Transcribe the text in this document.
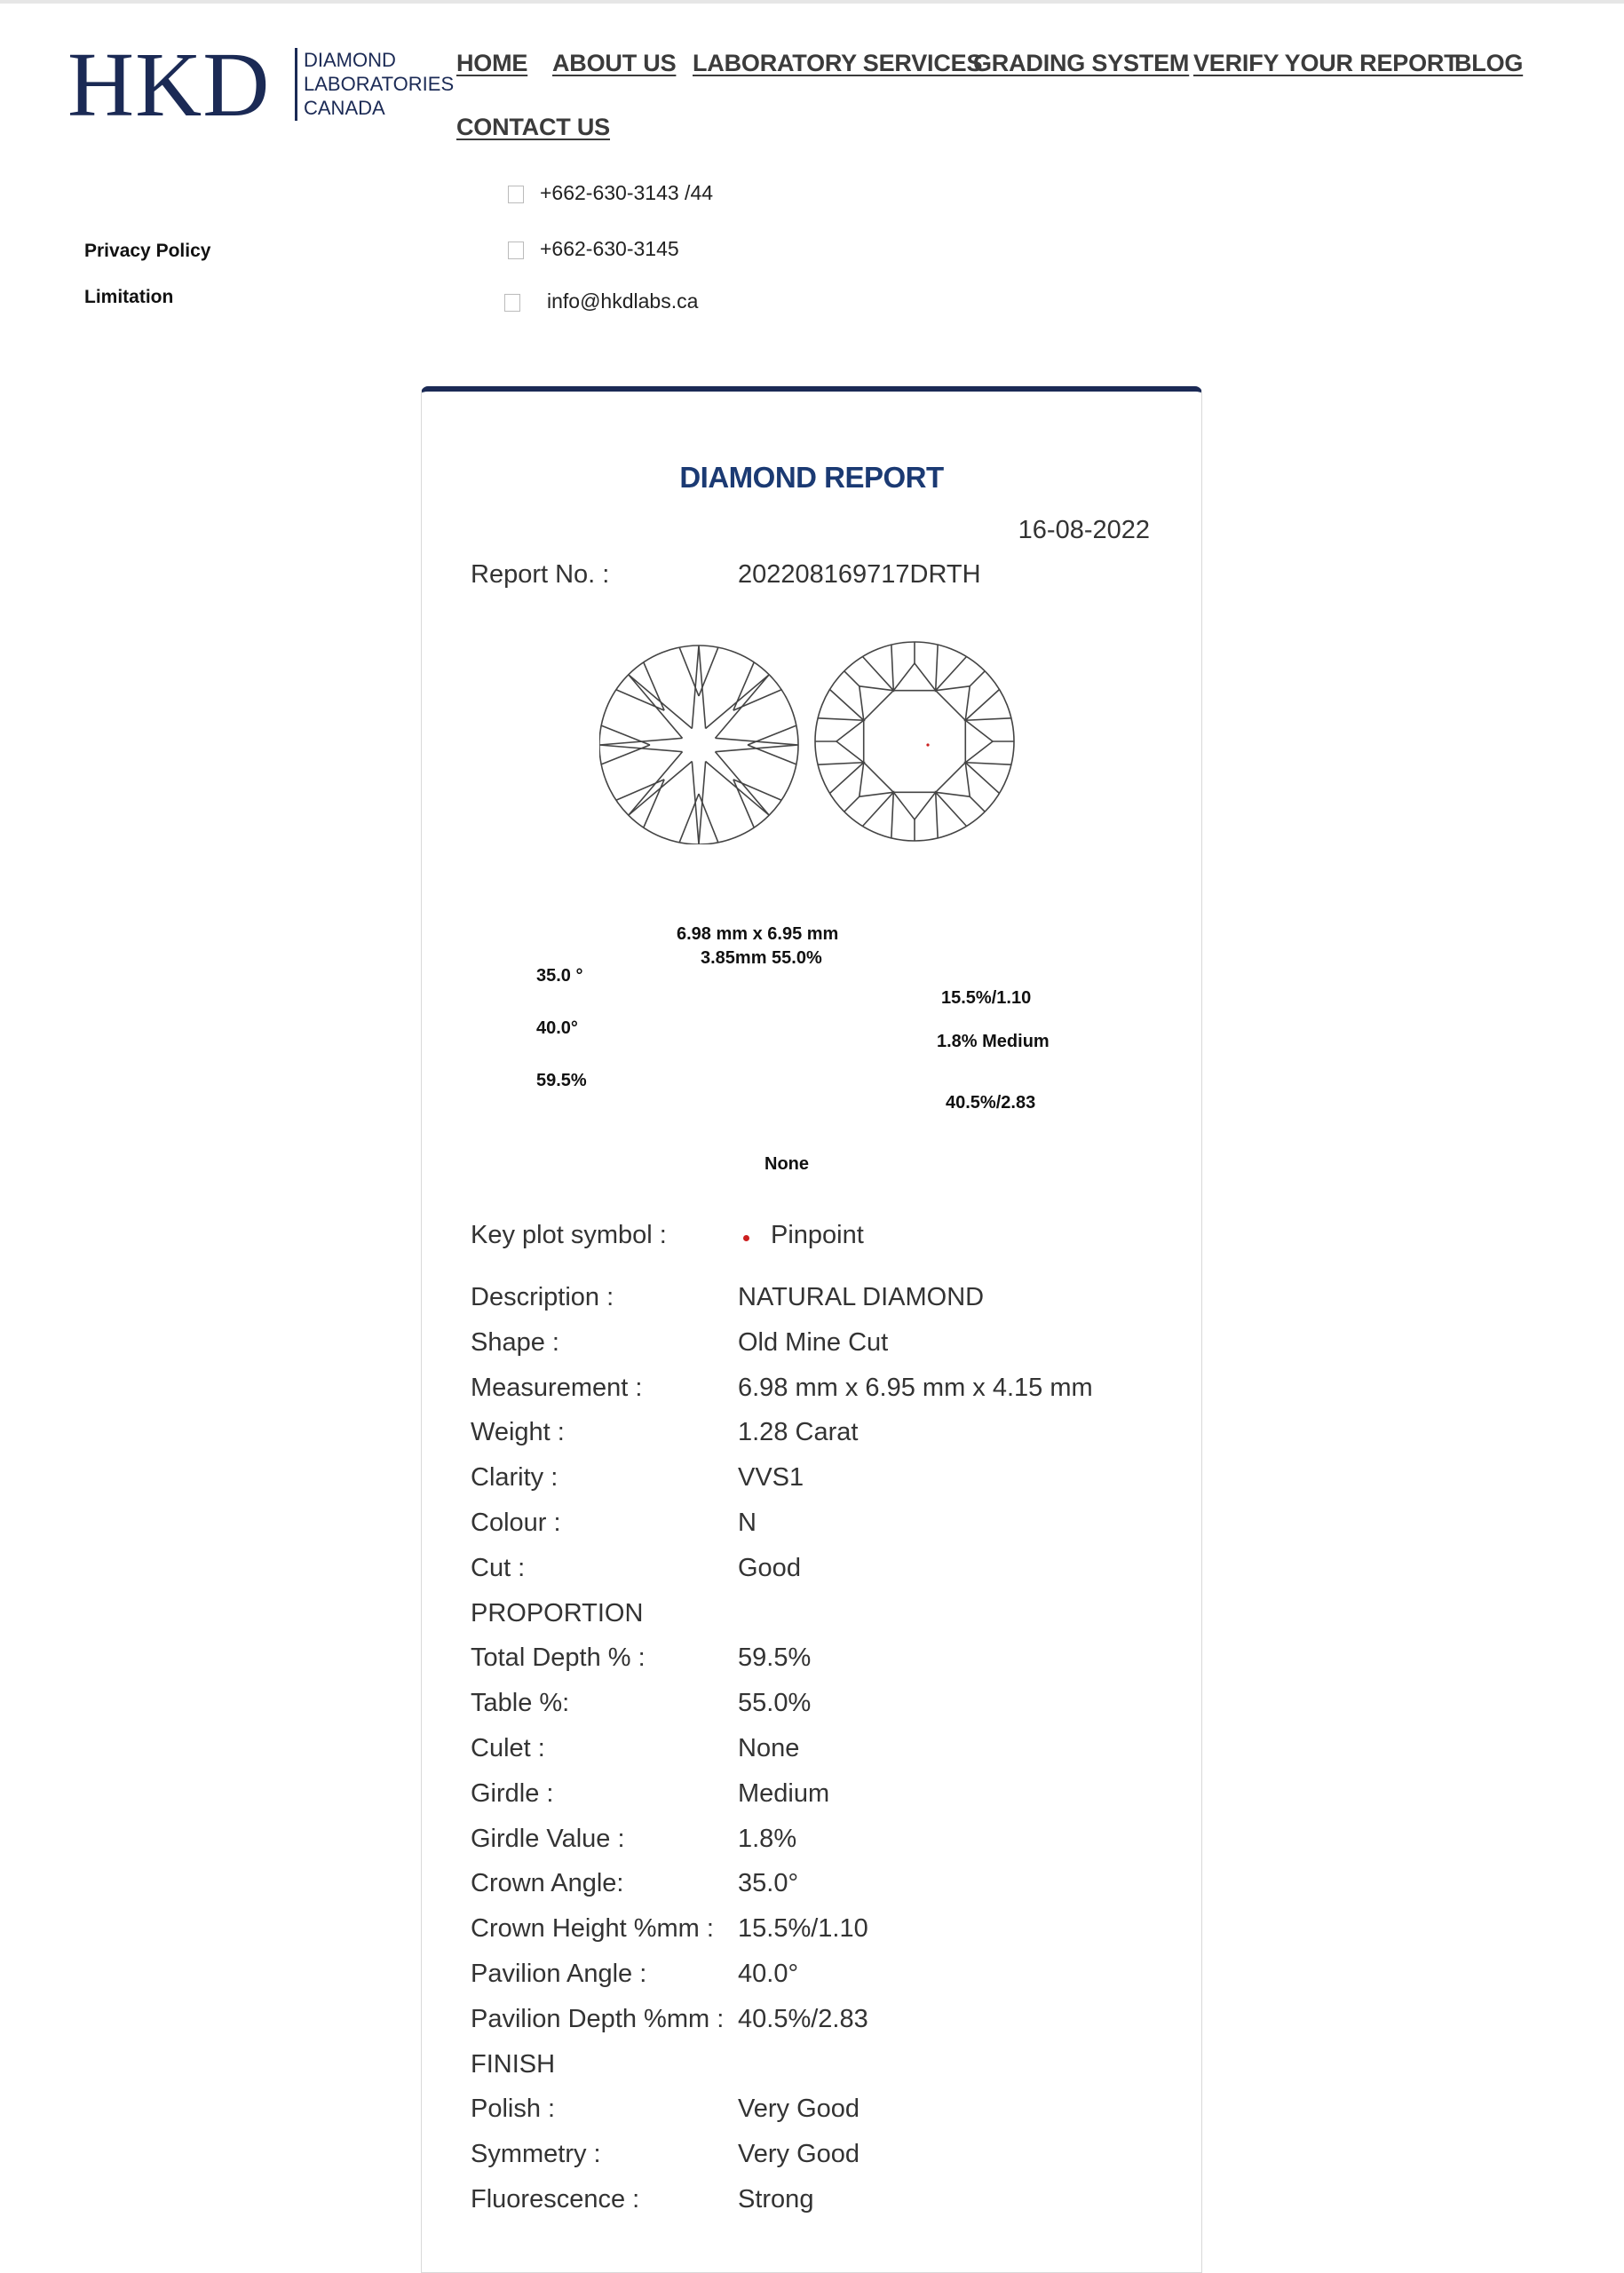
HKD DIAMOND
LABORATORIES
CANADA
HOME ABOUT US LABORATORY SERVICES
GRADING SYSTEM VERIFY YOUR REPORT
BLOG
CONTACT US
+662-630-3143 /44
+662-630-3145
info@hkdlabs.ca
Privacy Policy
Limitation
DIAMOND REPORT
16-08-2022
Report No. :	202208169717DRTH
6.98 mm x 6.95 mm
3.85mm 55.0%
35.0 °
40.0°
59.5%
15.5%/1.10
1.8% Medium
40.5%/2.83
None
Key plot symbol :	Pinpoint
Description :	NATURAL DIAMOND
Shape :	Old Mine Cut
Measurement :	6.98 mm x 6.95 mm x 4.15 mm
Weight :	1.28 Carat
Clarity :	VVS1
Colour :	N
Cut :	Good
PROPORTION
Total Depth % :	59.5%
Table %:	55.0%
Culet :	None
Girdle :	Medium
Girdle Value :	1.8%
Crown Angle:	35.0°
Crown Height %mm : 15.5%/1.10
Pavilion Angle :	40.0°
Pavilion Depth %mm : 40.5%/2.83
FINISH
Polish :	Very Good
Symmetry :	Very Good
Fluorescence :	Strong
